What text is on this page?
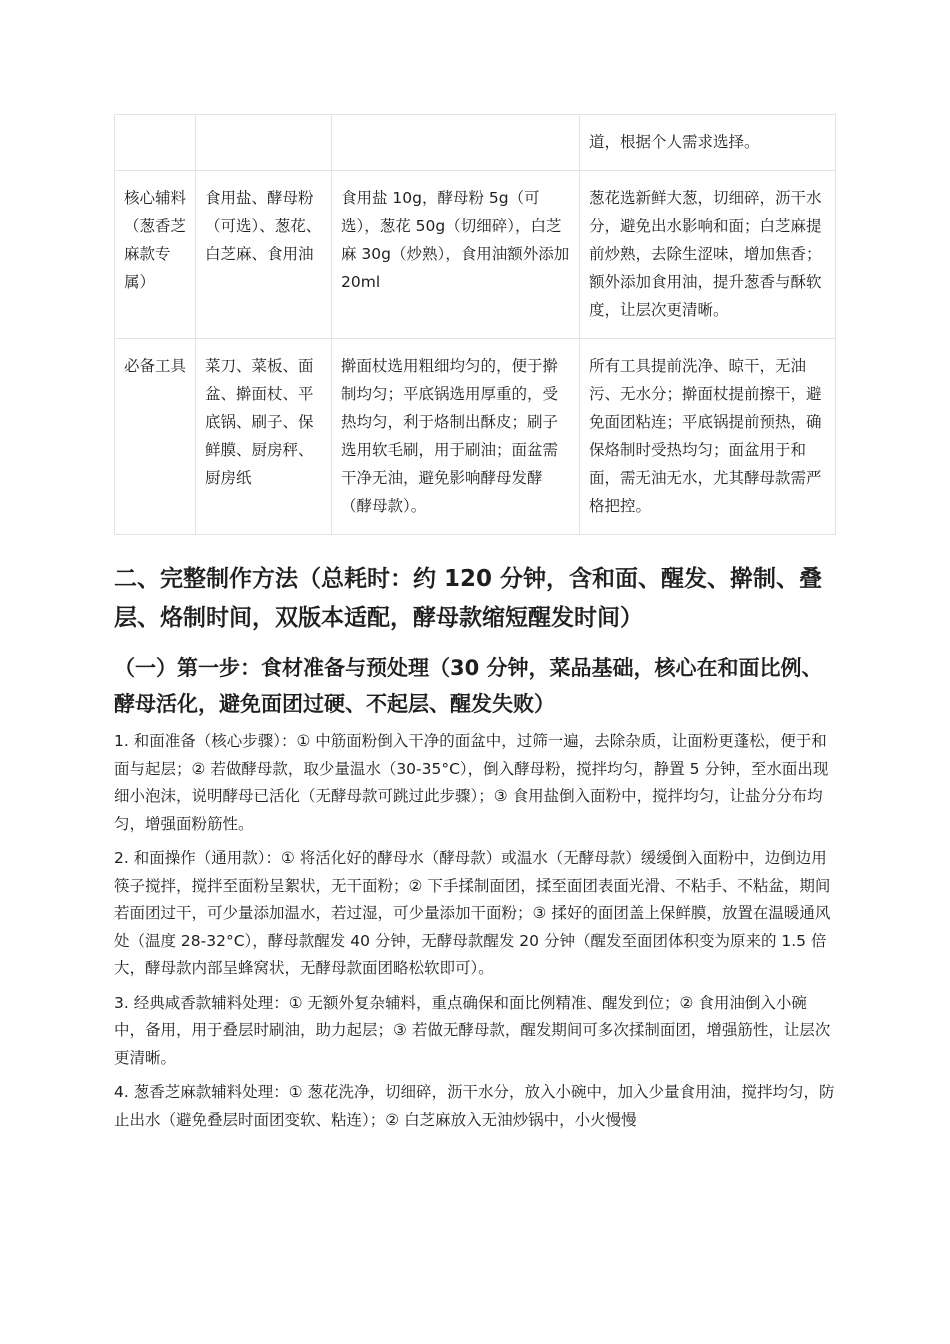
			道，根据个人需求选择。
核心辅料（葱香芝麻款专属）	食用盐、酵母粉（可选）、葱花、白芝麻、食用油	食用盐 10g，酵母粉 5g（可选），葱花 50g（切细碎），白芝麻 30g（炒熟），食用油额外添加 20ml	葱花选新鲜大葱，切细碎，沥干水分，避免出水影响和面；白芝麻提前炒熟，去除生涩味，增加焦香；额外添加食用油，提升葱香与酥软度，让层次更清晰。
必备工具	菜刀、菜板、面盆、擀面杖、平底锅、刷子、保鲜膜、厨房秤、厨房纸	擀面杖选用粗细均匀的，便于擀制均匀；平底锅选用厚重的，受热均匀，利于烙制出酥皮；刷子选用软毛刷，用于刷油；面盆需干净无油，避免影响酵母发酵（酵母款）。	所有工具提前洗净、晾干，无油污、无水分；擀面杖提前擦干，避免面团粘连；平底锅提前预热，确保烙制时受热均匀；面盆用于和面，需无油无水，尤其酵母款需严格把控。
二、完整制作方法（总耗时：约 120 分钟，含和面、醒发、擀制、叠层、烙制时间，双版本适配，酵母款缩短醒发时间）
（一）第一步：食材准备与预处理（30 分钟，菜品基础，核心在和面比例、酵母活化，避免面团过硬、不起层、醒发失败）

1. 和面准备（核心步骤）：① 中筋面粉倒入干净的面盆中，过筛一遍，去除杂质，让面粉更蓬松，便于和面与起层；② 若做酵母款，取少量温水（30-35°C），倒入酵母粉，搅拌均匀，静置 5 分钟，至水面出现细小泡沫，说明酵母已活化（无酵母款可跳过此步骤）；③ 食用盐倒入面粉中，搅拌均匀，让盐分分布均匀，增强面粉筋性。

2. 和面操作（通用款）：① 将活化好的酵母水（酵母款）或温水（无酵母款）缓缓倒入面粉中，边倒边用筷子搅拌，搅拌至面粉呈絮状，无干面粉；② 下手揉制面团，揉至面团表面光滑、不粘手、不粘盆，期间若面团过干，可少量添加温水，若过湿，可少量添加干面粉；③ 揉好的面团盖上保鲜膜，放置在温暖通风处（温度 28-32°C），酵母款醒发 40 分钟，无酵母款醒发 20 分钟（醒发至面团体积变为原来的 1.5 倍大，酵母款内部呈蜂窝状，无酵母款面团略松软即可）。

3. 经典咸香款辅料处理：① 无额外复杂辅料，重点确保和面比例精准、醒发到位；② 食用油倒入小碗中，备用，用于叠层时刷油，助力起层；③ 若做无酵母款，醒发期间可多次揉制面团，增强筋性，让层次更清晰。

4. 葱香芝麻款辅料处理：① 葱花洗净，切细碎，沥干水分，放入小碗中，加入少量食用油，搅拌均匀，防止出水（避免叠层时面团变软、粘连）；② 白芝麻放入无油炒锅中，小火慢慢
